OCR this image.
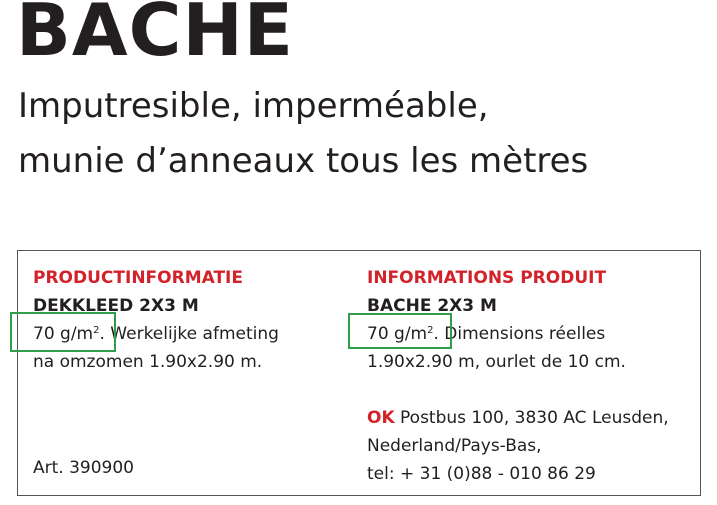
BACHE

Imputresible, imperméable,

munie d’anneaux tous les mètres

PRODUCTINFORMATIE
DEKKLEED 2X3 M
70 $g/m^2$. Werkelijke afmeting
na omzomen 1.90x2.90 m.
Art. 390900
INFORMATIONS PRODUIT
BACHE 2X3 M
70 $g/m^2$. Dimensions réelles
1.90x2.90 m, ourlet de 10 cm.
OK Postbus 100, 3830 AC Leusden,
Nederland/Pays-Bas,
tel: + 31 (0)88 - 010 86 29
